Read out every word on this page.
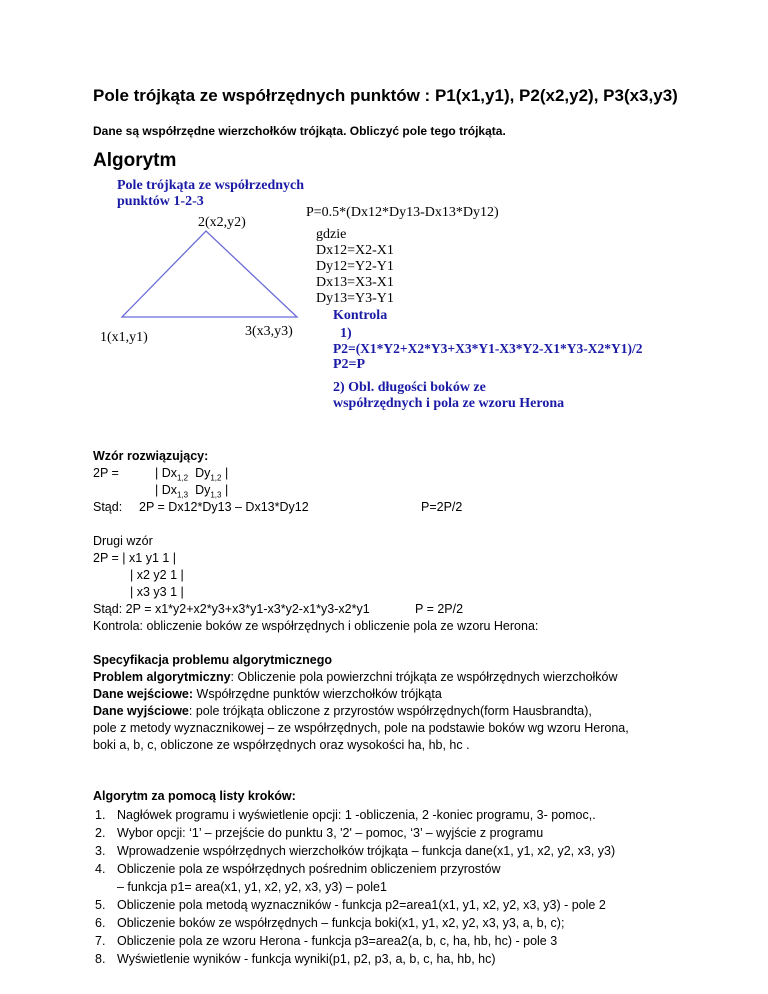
Pole trójkąta ze współrzędnych punktów : P1(x1,y1), P2(x2,y2), P3(x3,y3)
Dane są współrzędne wierzchołków trójkąta. Obliczyć pole tego trójkąta.
Algorytm
Pole trójkąta ze współrzednych
punktów 1-2-3
2(x2,y2)
1(x1,y1)	3(x3,y3)
P=0.5*(Dx12*Dy13-Dx13*Dy12)
gdzie
Dx12=X2-X1
Dy12=Y2-Y1
Dx13=X3-X1
Dy13=Y3-Y1
Kontrola
1)
P2=(X1*Y2+X2*Y3+X3*Y1-X3*Y2-X1*Y3-X2*Y1)/2
P2=P
2) Obl. długości boków ze
współrzędnych i pola ze wzoru Herona
Wzór rozwiązujący:
2P =	| $Dx_{1,2}$ $Dy_{1,2}$ |
| $Dx_{1,3}$ $Dy_{1,3}$ |
Stąd: 2P = Dx12*Dy13 – Dx13*Dy12	P=2P/2
Drugi wzór
2P = | x1 y1 1 |
| x2 y2 1 |
| x3 y3 1 |
Stąd: 2P = x1*y2+x2*y3+x3*y1-x3*y2-x1*y3-x2*y1	P = 2P/2
Kontrola: obliczenie boków ze współrzędnych i obliczenie pola ze wzoru Herona:
Specyfikacja problemu algorytmicznego
Problem algorytmiczny: Obliczenie pola powierzchni trójkąta ze współrzędnych wierzchołków
Dane wejściowe: Współrzędne punktów wierzchołków trójkąta
Dane wyjściowe: pole trójkąta obliczone z przyrostów współrzędnych(form Hausbrandta),
pole z metody wyznacznikowej – ze współrzędnych, pole na podstawie boków wg wzoru Herona,
boki a, b, c, obliczone ze współrzędnych oraz wysokości ha, hb, hc .
Algorytm za pomocą listy kroków:
1. Nagłówek programu i wyświetlenie opcji: 1 -obliczenia, 2 -koniec programu, 3- pomoc,.
2. Wybor opcji: ‘1’ – przejście do punktu 3, '2' – pomoc, ‘3’ – wyjście z programu
3. Wprowadzenie współrzędnych wierzchołków trójkąta – funkcja dane(x1, y1, x2, y2, x3, y3)
4. Obliczenie pola ze współrzędnych pośrednim obliczeniem przyrostów
– funkcja p1= area(x1, y1, x2, y2, x3, y3) – pole1
5. Obliczenie pola metodą wyznaczników - funkcja p2=area1(x1, y1, x2, y2, x3, y3) - pole 2
6. Obliczenie boków ze współrzędnych – funkcja boki(x1, y1, x2, y2, x3, y3, a, b, c);
7. Obliczenie pola ze wzoru Herona - funkcja p3=area2(a, b, c, ha, hb, hc) - pole 3
8. Wyświetlenie wyników - funkcja wyniki(p1, p2, p3, a, b, c, ha, hb, hc)
